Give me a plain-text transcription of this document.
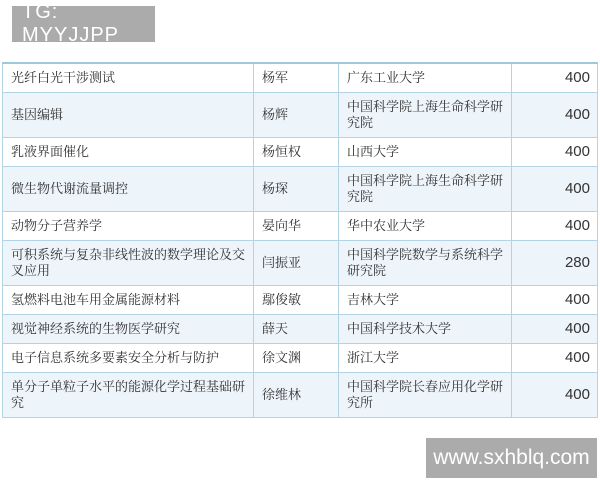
TG: MYYJJPP
光纤白光干涉测试	杨军	广东工业大学	400
基因编辑	杨辉	中国科学院上海生命科学研究院	400
乳液界面催化	杨恒权	山西大学	400
微生物代谢流量调控	杨琛	中国科学院上海生命科学研究院	400
动物分子营养学	晏向华	华中农业大学	400
可积系统与复杂非线性波的数学理论及交叉应用	闫振亚	中国科学院数学与系统科学研究院	280
氢燃料电池车用金属能源材料	鄢俊敏	吉林大学	400
视觉神经系统的生物医学研究	薛天	中国科学技术大学	400
电子信息系统多要素安全分析与防护	徐文渊	浙江大学	400
单分子单粒子水平的能源化学过程基础研究	徐维林	中国科学院长春应用化学研究所	400
www.sxhblq.com
